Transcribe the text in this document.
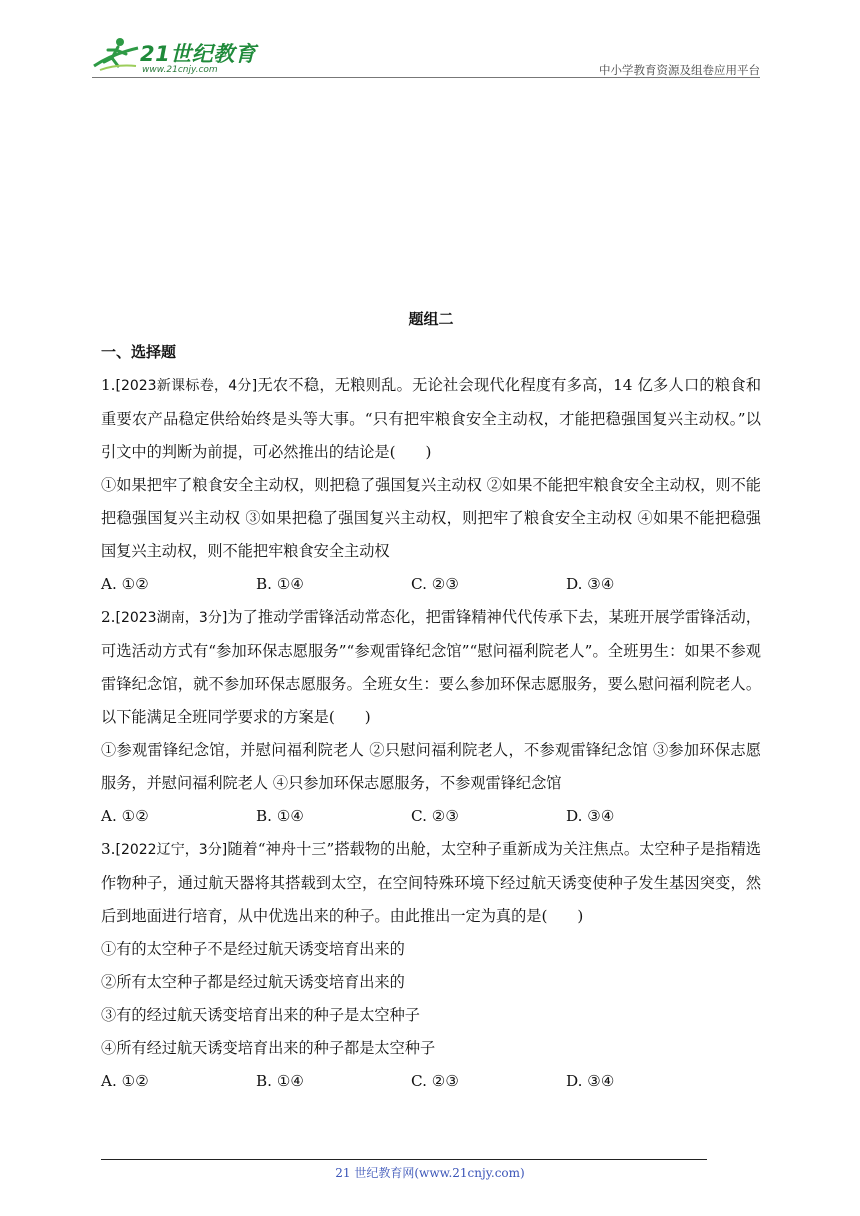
21世纪教育
www.21cnjy.com	中小学教育资源及组卷应用平台

题组二

一、选择题

1.[2023新课标卷，4分]无农不稳，无粮则乱。无论社会现代化程度有多高，14 亿多人口的粮食和重要农产品稳定供给始终是头等大事。“只有把牢粮食安全主动权，才能把稳强国复兴主动权。”以引文中的判断为前提，可必然推出的结论是( )

①如果把牢了粮食安全主动权，则把稳了强国复兴主动权 ②如果不能把牢粮食安全主动权，则不能把稳强国复兴主动权 ③如果把稳了强国复兴主动权，则把牢了粮食安全主动权 ④如果不能把稳强国复兴主动权，则不能把牢粮食安全主动权

A. ①②	B. ①④	C. ②③	D. ③④

2.[2023湖南，3分]为了推动学雷锋活动常态化，把雷锋精神代代传承下去，某班开展学雷锋活动，可选活动方式有“参加环保志愿服务”“参观雷锋纪念馆”“慰问福利院老人”。全班男生：如果不参观雷锋纪念馆，就不参加环保志愿服务。全班女生：要么参加环保志愿服务，要么慰问福利院老人。以下能满足全班同学要求的方案是( )

①参观雷锋纪念馆，并慰问福利院老人 ②只慰问福利院老人，不参观雷锋纪念馆 ③参加环保志愿服务，并慰问福利院老人 ④只参加环保志愿服务，不参观雷锋纪念馆

A. ①②	B. ①④	C. ②③	D. ③④

3.[2022辽宁，3分]随着“神舟十三”搭载物的出舱，太空种子重新成为关注焦点。太空种子是指精选作物种子，通过航天器将其搭载到太空，在空间特殊环境下经过航天诱变使种子发生基因突变，然后到地面进行培育，从中优选出来的种子。由此推出一定为真的是( )

①有的太空种子不是经过航天诱变培育出来的

②所有太空种子都是经过航天诱变培育出来的

③有的经过航天诱变培育出来的种子是太空种子

④所有经过航天诱变培育出来的种子都是太空种子

A. ①②	B. ①④	C. ②③	D. ③④
21 世纪教育网(www.21cnjy.com)
